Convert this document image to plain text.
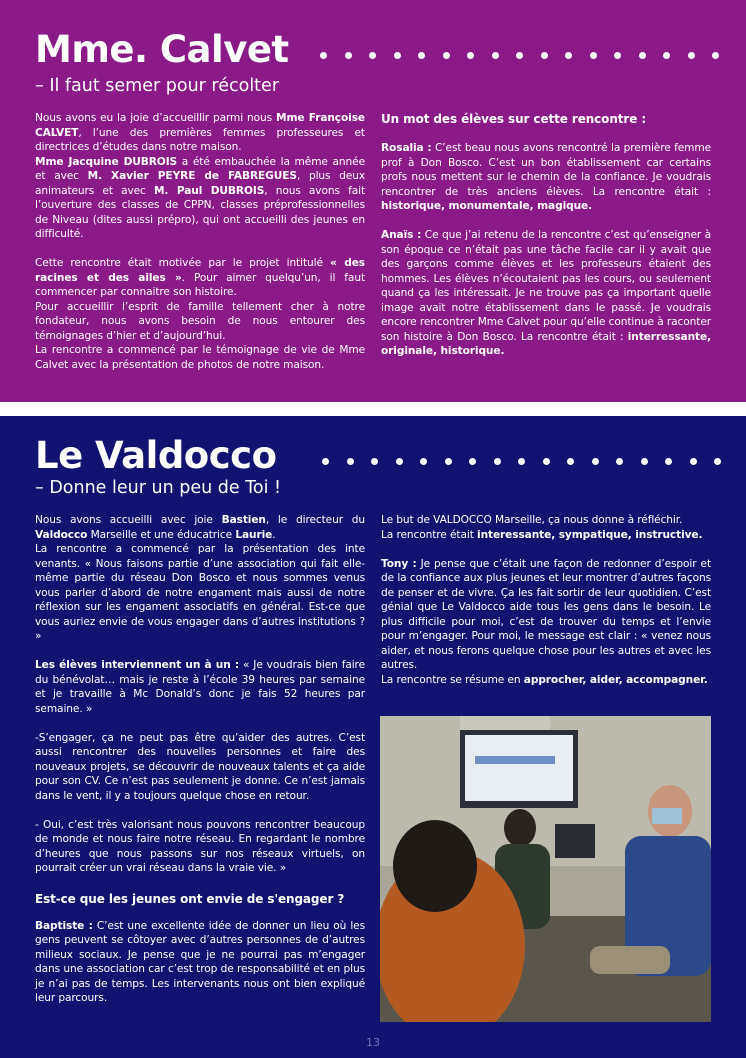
Mme. Calvet
– Il faut semer pour récolter

Nous avons eu la joie d’accueillir parmi nous Mme Françoise CALVET, l’une des premières femmes professeures et directrices d’études dans notre maison.

Mme Jacquine DUBROIS a été embauchée la même année et avec M. Xavier PEYRE de FABREGUES, plus deux animateurs et avec M. Paul DUBROIS, nous avons fait l’ouverture des classes de CPPN, classes préprofessionnelles de Niveau (dites aussi prépro), qui ont accueilli des jeunes en difficulté.

Cette rencontre était motivée par le projet intitulé « des racines et des ailes ». Pour aimer quelqu’un, il faut commencer par connaitre son histoire.

Pour accueillir l’esprit de famille tellement cher à notre fondateur, nous avons besoin de nous entourer des témoignages d’hier et d’aujourd’hui.

La rencontre a commencé par le témoignage de vie de Mme Calvet avec la présentation de photos de notre maison.

Un mot des élèves sur cette rencontre :

Rosalia : C’est beau nous avons rencontré la première femme prof à Don Bosco. C’est un bon établissement car certains profs nous mettent sur le chemin de la confiance. Je voudrais rencontrer de très anciens élèves. La rencontre était : historique, monumentale, magique.

Anaïs : Ce que j’ai retenu de la rencontre c’est qu’enseigner à son époque ce n’était pas une tâche facile car il y avait que des garçons comme élèves et les professeurs étaient des hommes. Les élèves n’écoutaient pas les cours, ou seulement quand ça les intéressait. Je ne trouve pas ça important quelle image avait notre établissement dans le passé. Je voudrais encore rencontrer Mme Calvet pour qu’elle continue à raconter son histoire à Don Bosco. La rencontre était : interressante, originale, historique.

Le Valdocco
– Donne leur un peu de Toi !

Nous avons accueilli avec joie Bastien, le directeur du Valdocco Marseille et une éducatrice Laurie.

La rencontre a commencé par la présentation des inte venants. « Nous faisons partie d’une association qui fait elle-même partie du réseau Don Bosco et nous sommes venus vous parler d’abord de notre engament mais aussi de notre réflexion sur les engament associatifs en général. Est-ce que vous auriez envie de vous engager dans d’autres institutions ? »

Les élèves interviennent un à un : « Je voudrais bien faire du bénévolat… mais je reste à l’école 39 heures par semaine et je travaille à Mc Donald’s donc je fais 52 heures par semaine. »

-S’engager, ça ne peut pas être qu’aider des autres. C’est aussi rencontrer des nouvelles personnes et faire des nouveaux projets, se découvrir de nouveaux talents et ça aide pour son CV. Ce n’est pas seulement je donne. Ce n’est jamais dans le vent, il y a toujours quelque chose en retour.

- Oui, c’est très valorisant nous pouvons rencontrer beaucoup de monde et nous faire notre réseau. En regardant le nombre d’heures que nous passons sur nos réseaux virtuels, on pourrait créer un vrai réseau dans la vraie vie. »

Est-ce que les jeunes ont envie de s'engager ?

Baptiste : C’est une excellente idée de donner un lieu où les gens peuvent se côtoyer avec d’autres personnes de d’autres milieux sociaux. Je pense que je ne pourrai pas m’engager dans une association car c’est trop de responsabilité et en plus je n’ai pas de temps. Les intervenants nous ont bien expliqué leur parcours.

Le but de VALDOCCO Marseille, ça nous donne à réfléchir.

La rencontre était interessante, sympatique, instructive.

Tony : Je pense que c’était une façon de redonner d’espoir et de la confiance aux plus jeunes et leur montrer d’autres façons de penser et de vivre. Ça les fait sortir de leur quotidien. C’est génial que Le Valdocco aide tous les gens dans le besoin. Le plus difficile pour moi, c’est de trouver du temps et l’envie pour m’engager. Pour moi, le message est clair : « venez nous aider, et nous ferons quelque chose pour les autres et avec les autres.

La rencontre se résume en approcher, aider, accompagner.

13
